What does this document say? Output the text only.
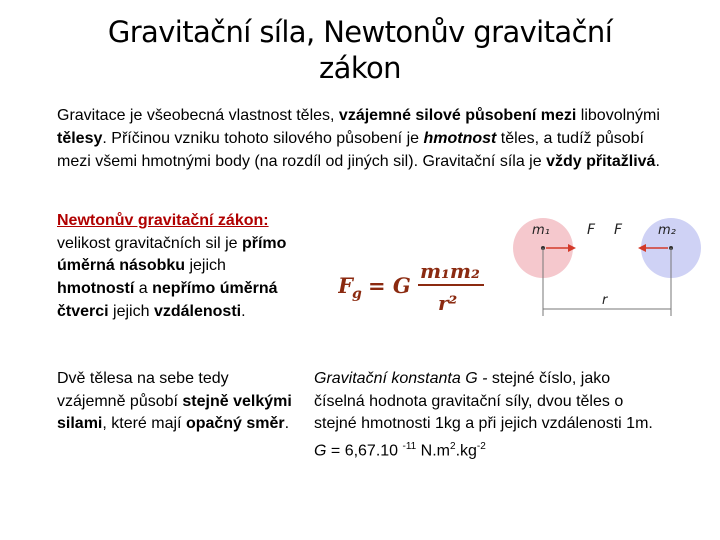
Gravitační síla, Newtonův gravitační
zákon
Gravitace je všeobecná vlastnost těles, vzájemné silové působení mezi libovolnými tělesy. Příčinou vzniku tohoto silového působení je hmotnost těles, a tudíž působí mezi všemi hmotnými body (na rozdíl od jiných sil). Gravitační síla je vždy přitažlivá.
Newtonův gravitační zákon: velikost gravitačních sil je přímo úměrná násobku jejich hmotností a nepřímo úměrná čtverci jejich vzdálenosti.
F g = G
m₁m₂
r²
m₁	m₂
F F
r
Dvě tělesa na sebe tedy vzájemně působí stejně velkými silami, které mají opačný směr.
Gravitační konstanta G - stejné číslo, jako číselná hodnota gravitační síly, dvou těles o stejné hmotnosti 1kg a při jejich vzdálenosti 1m.
G = 6,67.10 $^{-11}$ $N.m^2.kg^{-2}$
